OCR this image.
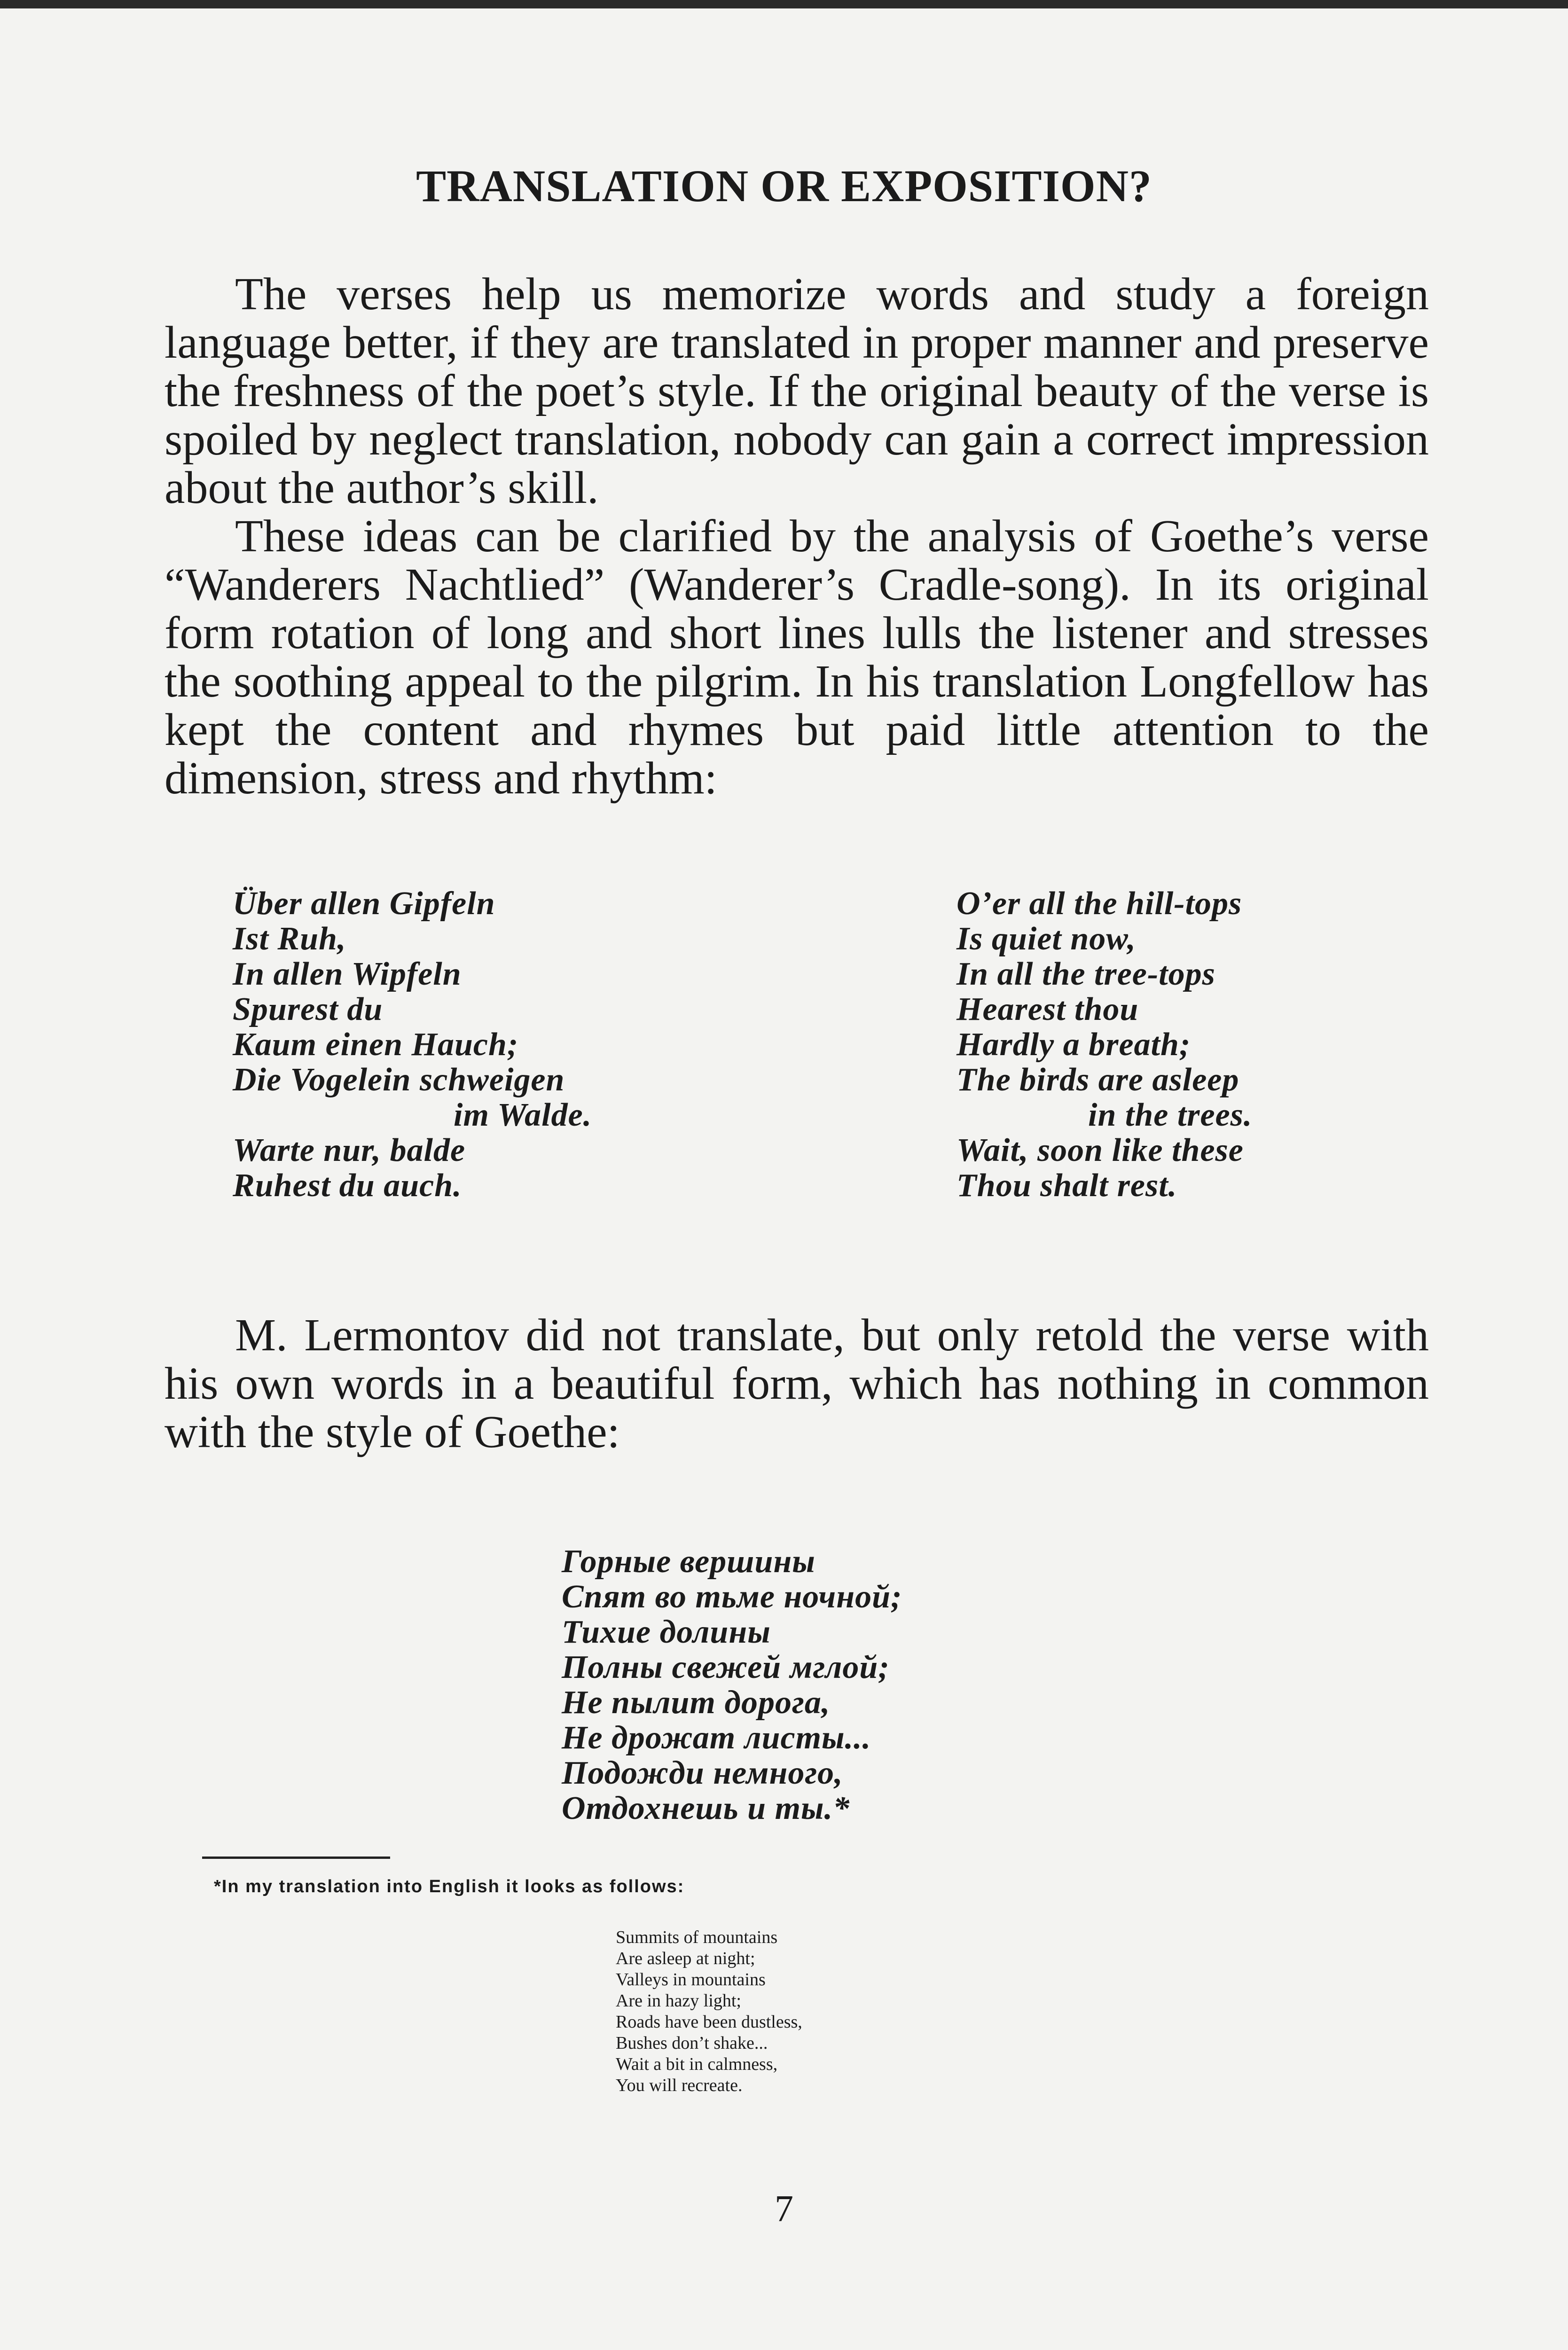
TRANSLATION OR EXPOSITION?

The verses help us memorize words and study a foreign language better, if they are translated in proper manner and preserve the freshness of the poet’s style. If the original beauty of the verse is spoiled by neglect translation, nobody can gain a correct impression about the author’s skill.

These ideas can be clarified by the analysis of Goethe’s verse “Wanderers Nachtlied” (Wanderer’s Cradle-song). In its original form rotation of long and short lines lulls the listener and stresses the soothing appeal to the pilgrim. In his translation Longfellow has kept the content and rhymes but paid little attention to the dimension, stress and rhythm:

Über allen Gipfeln
Ist Ruh,
In allen Wipfeln
Spurest du
Kaum einen Hauch;
Die Vogelein schweigen
im Walde.
Warte nur, balde
Ruhest du auch.
O’er all the hill-tops
Is quiet now,
In all the tree-tops
Hearest thou
Hardly a breath;
The birds are asleep
in the trees.
Wait, soon like these
Thou shalt rest.

M. Lermontov did not translate, but only retold the verse with his own words in a beautiful form, which has nothing in common with the style of Goethe:

Горные вершины
Спят во тьме ночной;
Тихие долины
Полны свежей мглой;
Не пылит дорога,
Не дрожат листы...
Подожди немного,
Отдохнешь и ты.*
*In my translation into English it looks as follows:
Summits of mountains
Are asleep at night;
Valleys in mountains
Are in hazy light;
Roads have been dustless,
Bushes don’t shake...
Wait a bit in calmness,
You will recreate.
7
